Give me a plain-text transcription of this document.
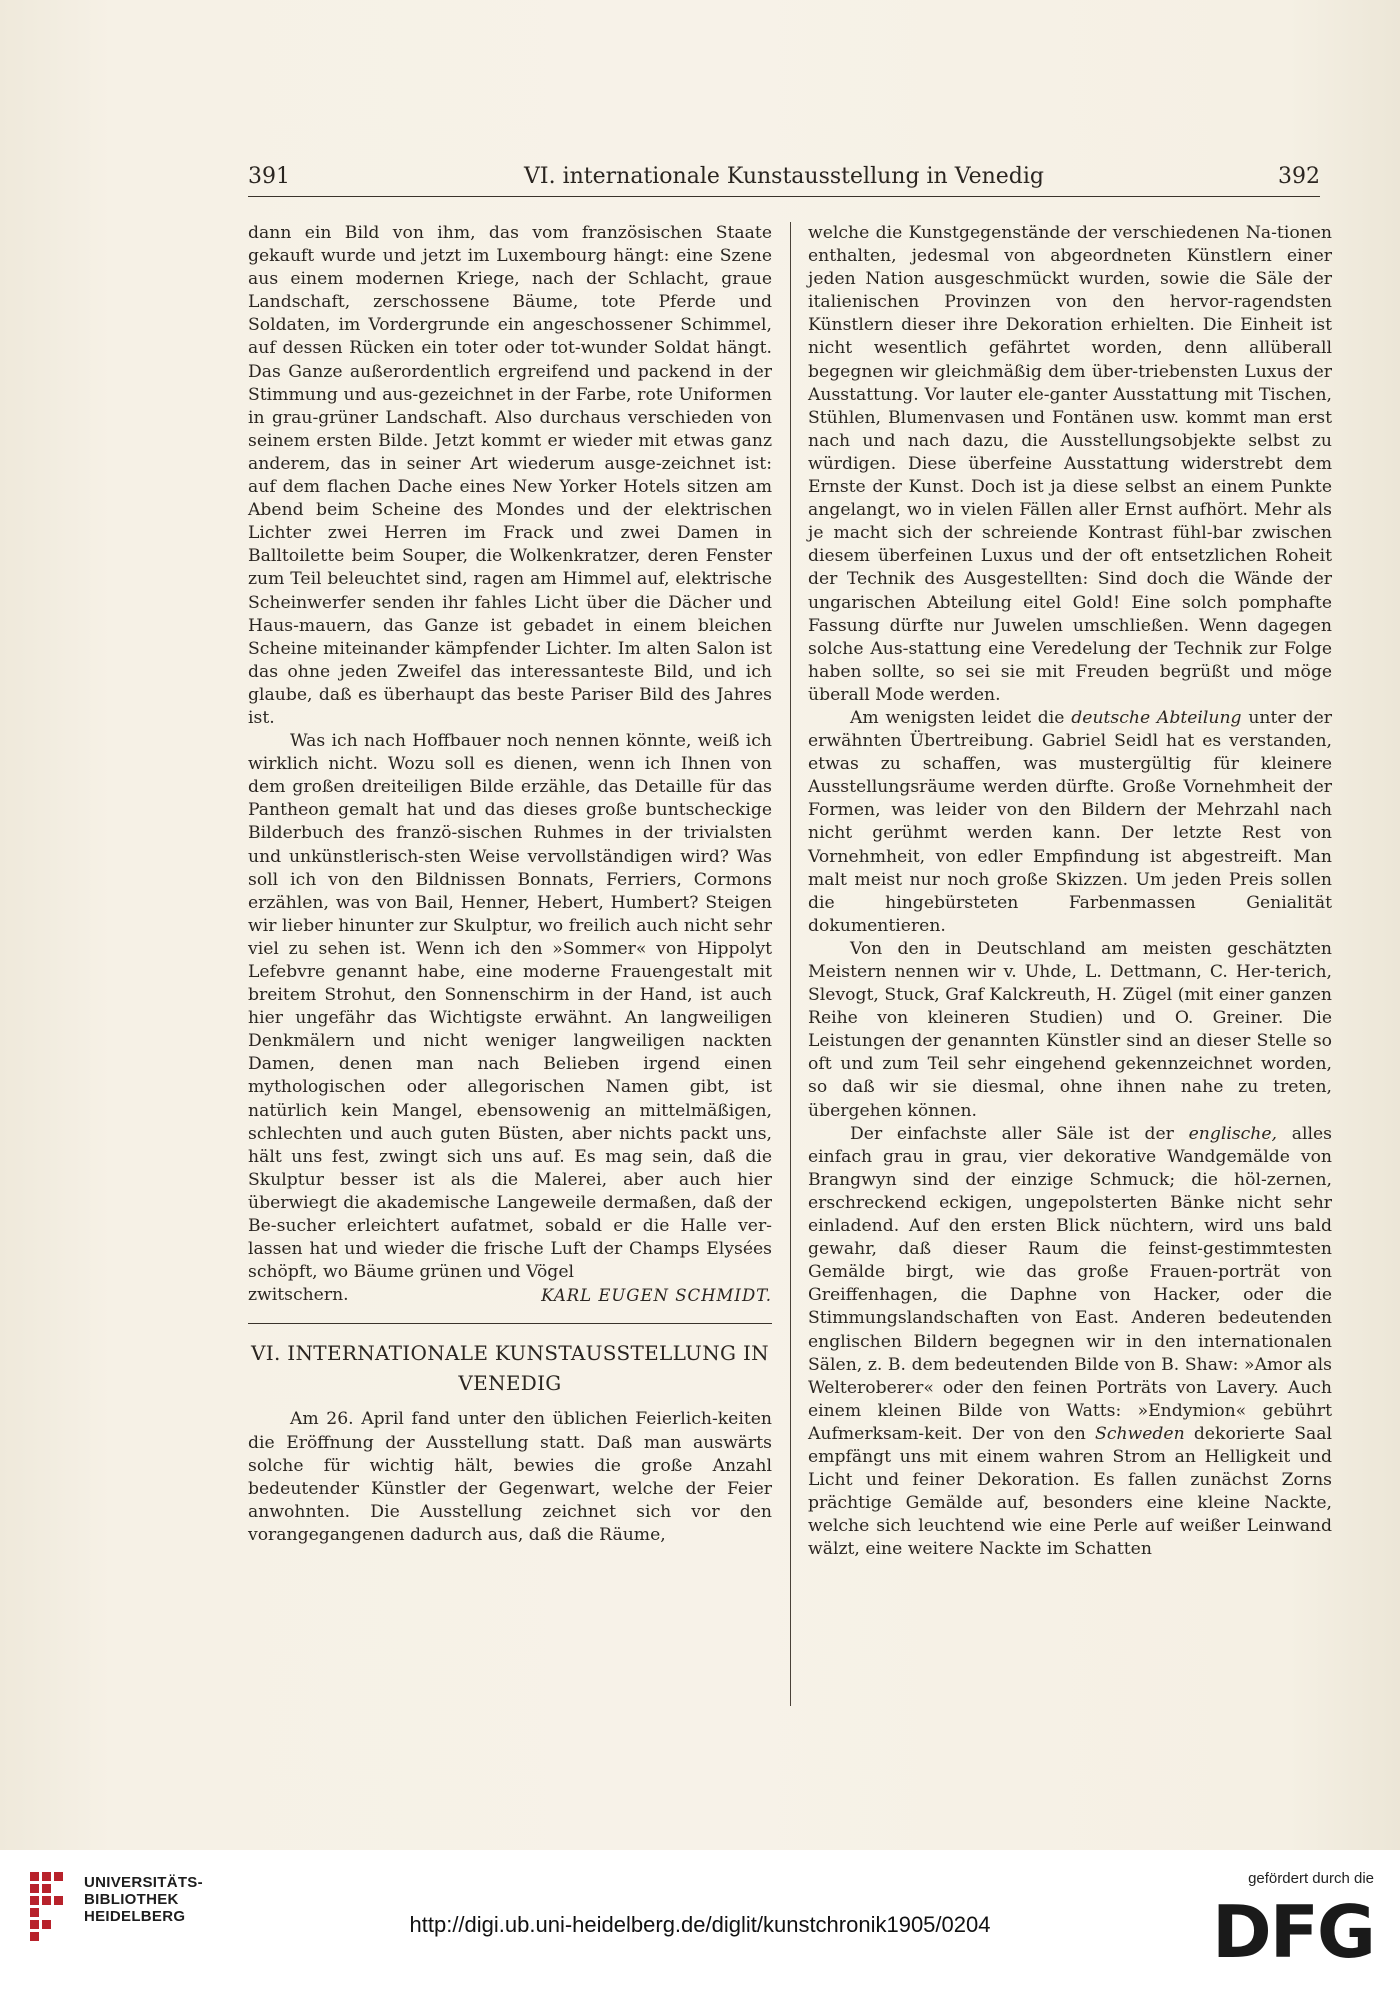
391	VI. internationale Kunstausstellung in Venedig	392

dann ein Bild von ihm, das vom französischen Staate gekauft wurde und jetzt im Luxembourg hängt: eine Szene aus einem modernen Kriege, nach der Schlacht, graue Landschaft, zerschossene Bäume, tote Pferde und Soldaten, im Vordergrunde ein angeschossener Schimmel, auf dessen Rücken ein toter oder tot-wunder Soldat hängt. Das Ganze außerordentlich ergreifend und packend in der Stimmung und aus-gezeichnet in der Farbe, rote Uniformen in grau-grüner Landschaft. Also durchaus verschieden von seinem ersten Bilde. Jetzt kommt er wieder mit etwas ganz anderem, das in seiner Art wiederum ausge-zeichnet ist: auf dem flachen Dache eines New Yorker Hotels sitzen am Abend beim Scheine des Mondes und der elektrischen Lichter zwei Herren im Frack und zwei Damen in Balltoilette beim Souper, die Wolkenkratzer, deren Fenster zum Teil beleuchtet sind, ragen am Himmel auf, elektrische Scheinwerfer senden ihr fahles Licht über die Dächer und Haus-mauern, das Ganze ist gebadet in einem bleichen Scheine miteinander kämpfender Lichter. Im alten Salon ist das ohne jeden Zweifel das interessanteste Bild, und ich glaube, daß es überhaupt das beste Pariser Bild des Jahres ist.

Was ich nach Hoffbauer noch nennen könnte, weiß ich wirklich nicht. Wozu soll es dienen, wenn ich Ihnen von dem großen dreiteiligen Bilde erzähle, das Detaille für das Pantheon gemalt hat und das dieses große buntscheckige Bilderbuch des franzö-sischen Ruhmes in der trivialsten und unkünstlerisch-sten Weise vervollständigen wird? Was soll ich von den Bildnissen Bonnats, Ferriers, Cormons erzählen, was von Bail, Henner, Hebert, Humbert? Steigen wir lieber hinunter zur Skulptur, wo freilich auch nicht sehr viel zu sehen ist. Wenn ich den »Sommer« von Hippolyt Lefebvre genannt habe, eine moderne Frauengestalt mit breitem Strohut, den Sonnenschirm in der Hand, ist auch hier ungefähr das Wichtigste erwähnt. An langweiligen Denkmälern und nicht weniger langweiligen nackten Damen, denen man nach Belieben irgend einen mythologischen oder allegorischen Namen gibt, ist natürlich kein Mangel, ebensowenig an mittelmäßigen, schlechten und auch guten Büsten, aber nichts packt uns, hält uns fest, zwingt sich uns auf. Es mag sein, daß die Skulptur besser ist als die Malerei, aber auch hier überwiegt die akademische Langeweile dermaßen, daß der Be-sucher erleichtert aufatmet, sobald er die Halle ver-lassen hat und wieder die frische Luft der Champs Elysées schöpft, wo Bäume grünen und Vögel

zwitschern.	KARL EUGEN SCHMIDT.
VI. INTERNATIONALE KUNSTAUSSTELLUNG IN
VENEDIG

Am 26. April fand unter den üblichen Feierlich-keiten die Eröffnung der Ausstellung statt. Daß man auswärts solche für wichtig hält, bewies die große Anzahl bedeutender Künstler der Gegenwart, welche der Feier anwohnten. Die Ausstellung zeichnet sich vor den vorangegangenen dadurch aus, daß die Räume,

welche die Kunstgegenstände der verschiedenen Na-tionen enthalten, jedesmal von abgeordneten Künstlern einer jeden Nation ausgeschmückt wurden, sowie die Säle der italienischen Provinzen von den hervor-ragendsten Künstlern dieser ihre Dekoration erhielten. Die Einheit ist nicht wesentlich gefährtet worden, denn allüberall begegnen wir gleichmäßig dem über-triebensten Luxus der Ausstattung. Vor lauter ele-ganter Ausstattung mit Tischen, Stühlen, Blumenvasen und Fontänen usw. kommt man erst nach und nach dazu, die Ausstellungsobjekte selbst zu würdigen. Diese überfeine Ausstattung widerstrebt dem Ernste der Kunst. Doch ist ja diese selbst an einem Punkte angelangt, wo in vielen Fällen aller Ernst aufhört. Mehr als je macht sich der schreiende Kontrast fühl-bar zwischen diesem überfeinen Luxus und der oft entsetzlichen Roheit der Technik des Ausgestellten: Sind doch die Wände der ungarischen Abteilung eitel Gold! Eine solch pomphafte Fassung dürfte nur Juwelen umschließen. Wenn dagegen solche Aus-stattung eine Veredelung der Technik zur Folge haben sollte, so sei sie mit Freuden begrüßt und möge überall Mode werden.

Am wenigsten leidet die deutsche Abteilung unter der erwähnten Übertreibung. Gabriel Seidl hat es verstanden, etwas zu schaffen, was mustergültig für kleinere Ausstellungsräume werden dürfte. Große Vornehmheit der Formen, was leider von den Bildern der Mehrzahl nach nicht gerühmt werden kann. Der letzte Rest von Vornehmheit, von edler Empfindung ist abgestreift. Man malt meist nur noch große Skizzen. Um jeden Preis sollen die hingebürsteten Farbenmassen Genialität dokumentieren.

Von den in Deutschland am meisten geschätzten Meistern nennen wir v. Uhde, L. Dettmann, C. Her-terich, Slevogt, Stuck, Graf Kalckreuth, H. Zügel (mit einer ganzen Reihe von kleineren Studien) und O. Greiner. Die Leistungen der genannten Künstler sind an dieser Stelle so oft und zum Teil sehr eingehend gekennzeichnet worden, so daß wir sie diesmal, ohne ihnen nahe zu treten, übergehen können.

Der einfachste aller Säle ist der englische, alles einfach grau in grau, vier dekorative Wandgemälde von Brangwyn sind der einzige Schmuck; die höl-zernen, erschreckend eckigen, ungepolsterten Bänke nicht sehr einladend. Auf den ersten Blick nüchtern, wird uns bald gewahr, daß dieser Raum die feinst-gestimmtesten Gemälde birgt, wie das große Frauen-porträt von Greiffenhagen, die Daphne von Hacker, oder die Stimmungslandschaften von East. Anderen bedeutenden englischen Bildern begegnen wir in den internationalen Sälen, z. B. dem bedeutenden Bilde von B. Shaw: »Amor als Welteroberer« oder den feinen Porträts von Lavery. Auch einem kleinen Bilde von Watts: »Endymion« gebührt Aufmerksam-keit. Der von den Schweden dekorierte Saal empfängt uns mit einem wahren Strom an Helligkeit und Licht und feiner Dekoration. Es fallen zunächst Zorns prächtige Gemälde auf, besonders eine kleine Nackte, welche sich leuchtend wie eine Perle auf weißer Leinwand wälzt, eine weitere Nackte im Schatten

UNIVERSITÄTS-
BIBLIOTHEK
HEIDELBERG	http://digi.ub.uni-heidelberg.de/diglit/kunstchronik1905/0204
gefördert durch die
DFG
